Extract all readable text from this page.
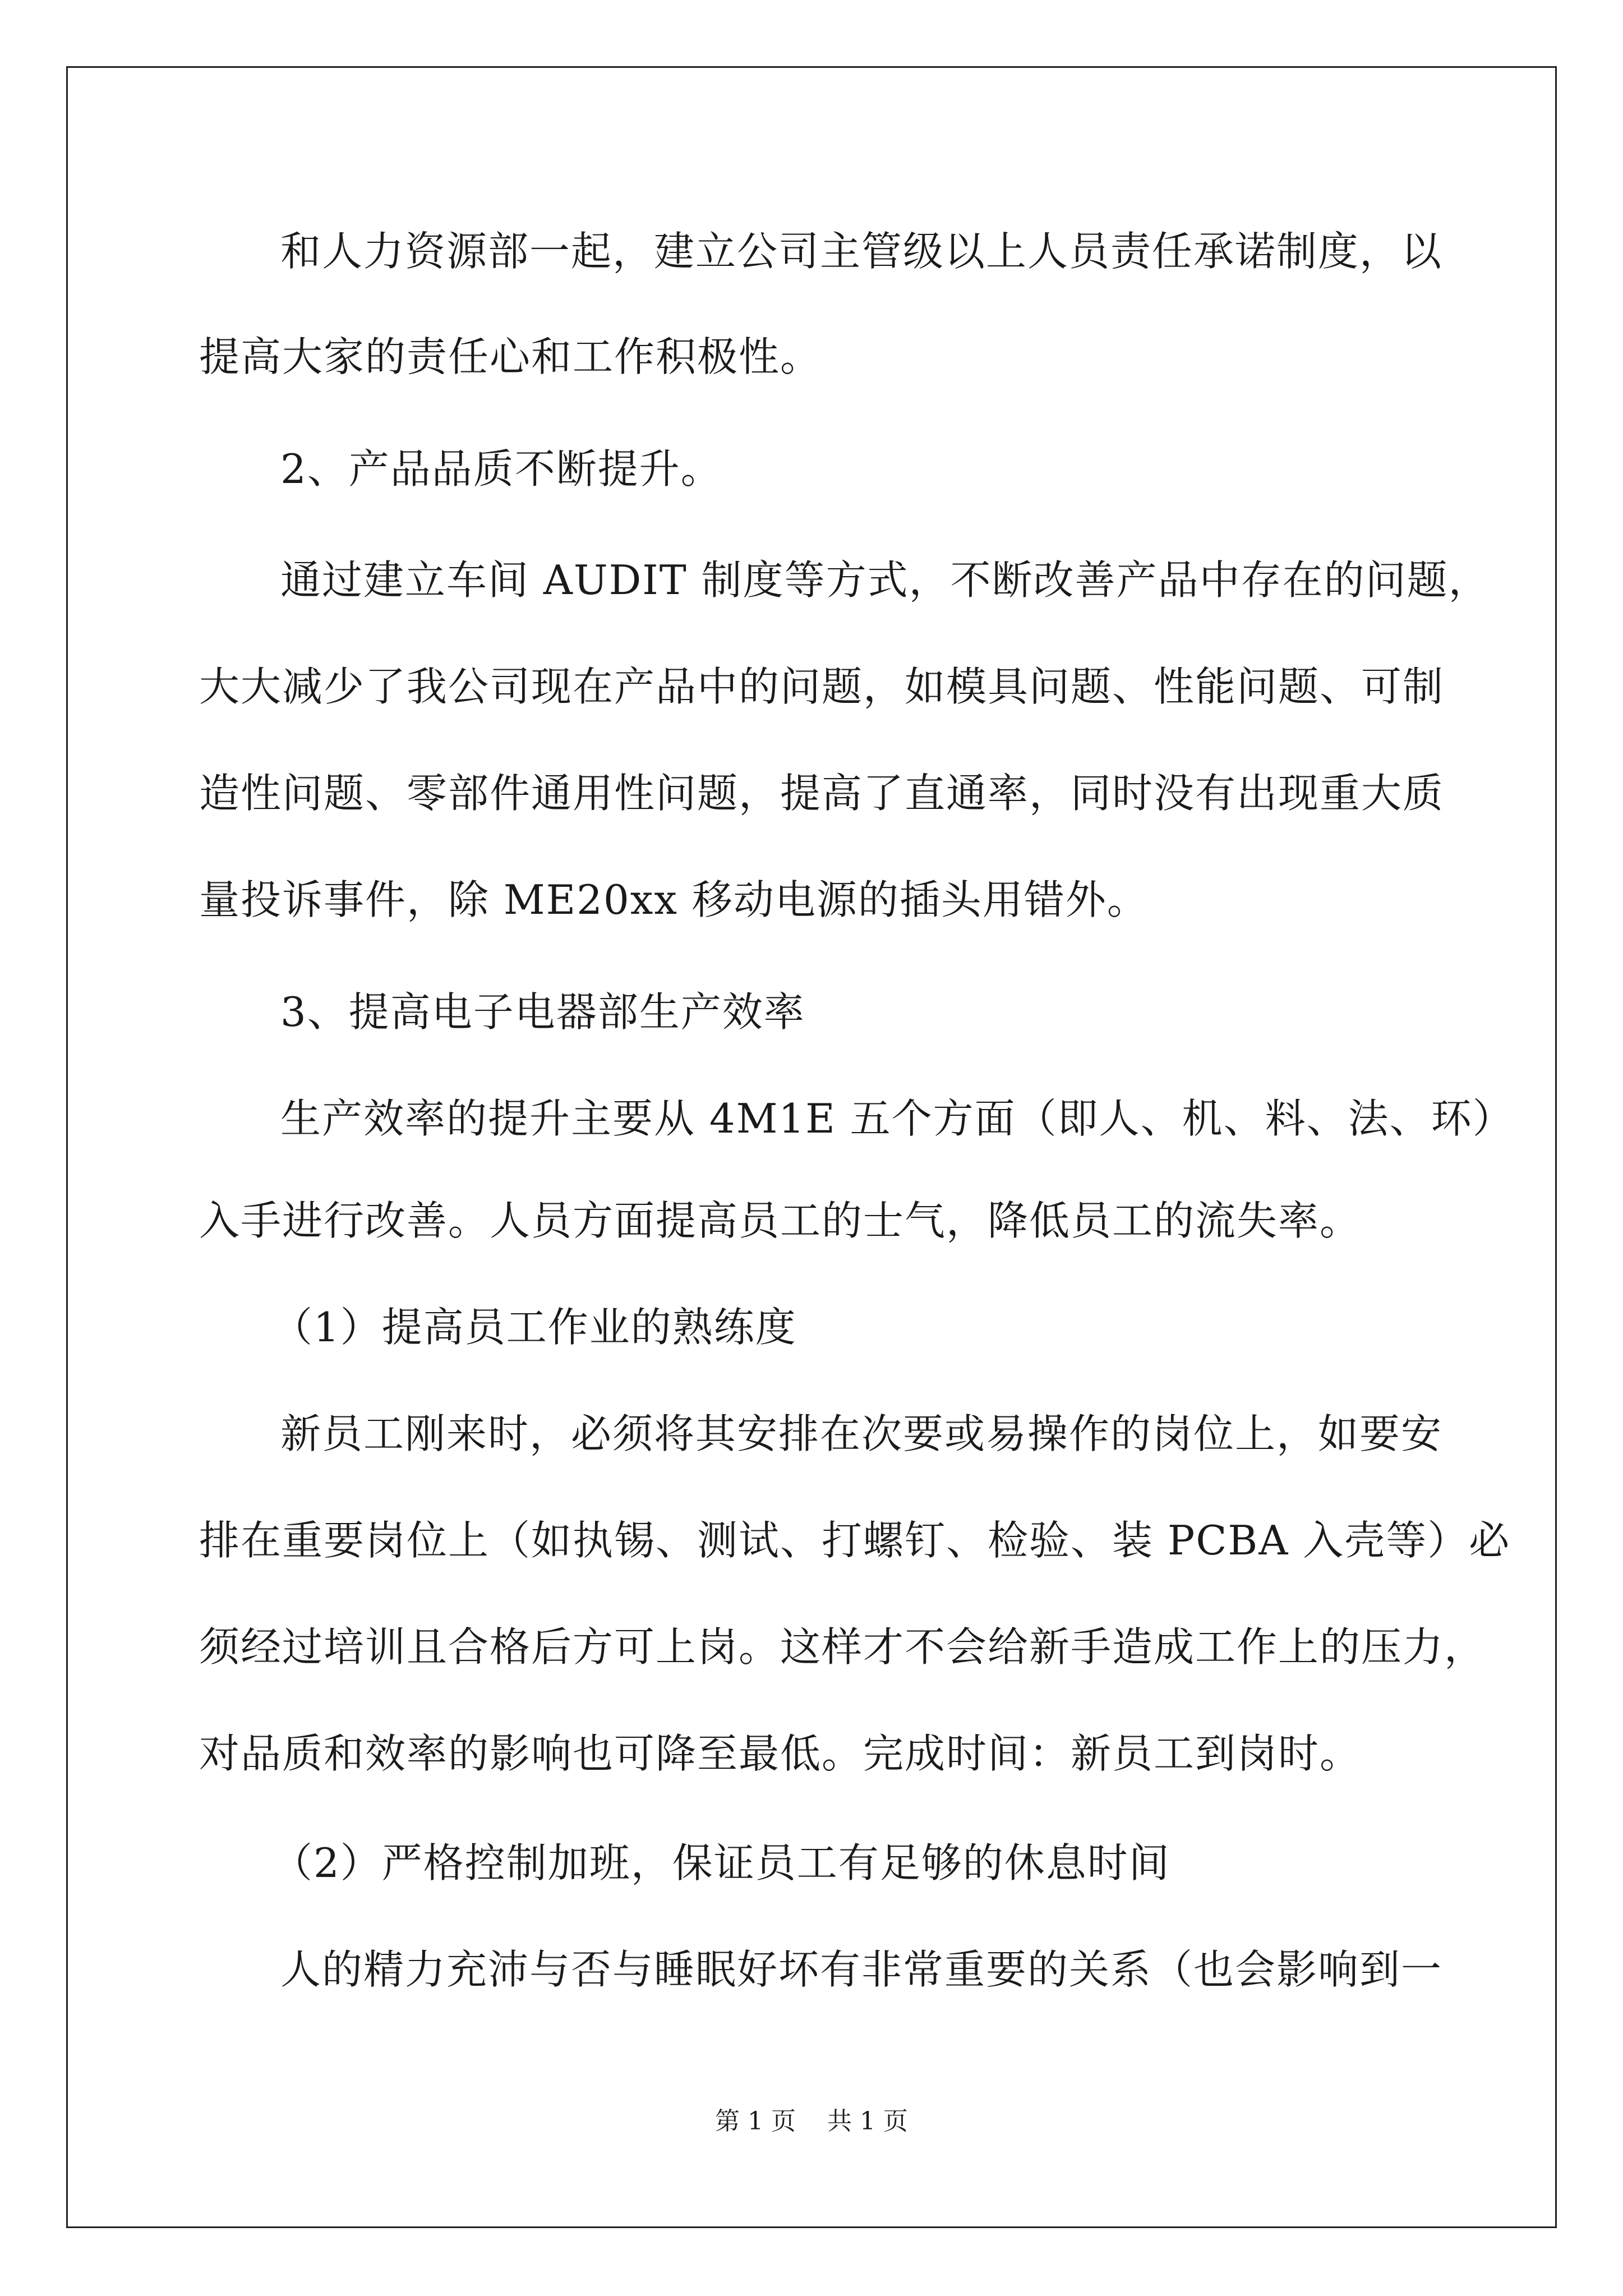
和人力资源部一起，建立公司主管级以上人员责任承诺制度，以
提高大家的责任心和工作积极性。
2、产品品质不断提升。
通过建立车间 AUDIT 制度等方式，不断改善产品中存在的问题，
大大减少了我公司现在产品中的问题，如模具问题、性能问题、可制
造性问题、零部件通用性问题，提高了直通率，同时没有出现重大质
量投诉事件，除 ME20xx 移动电源的插头用错外。
3、提高电子电器部生产效率
生产效率的提升主要从 4M1E 五个方面（即人、机、料、法、环）
入手进行改善。人员方面提高员工的士气，降低员工的流失率。
（1）提高员工作业的熟练度
新员工刚来时，必须将其安排在次要或易操作的岗位上，如要安
排在重要岗位上（如执锡、测试、打螺钉、检验、装 PCBA 入壳等）必
须经过培训且合格后方可上岗。这样才不会给新手造成工作上的压力，
对品质和效率的影响也可降至最低。完成时间：新员工到岗时。
（2）严格控制加班，保证员工有足够的休息时间
人的精力充沛与否与睡眠好坏有非常重要的关系（也会影响到一
第 1 页 共 1 页
